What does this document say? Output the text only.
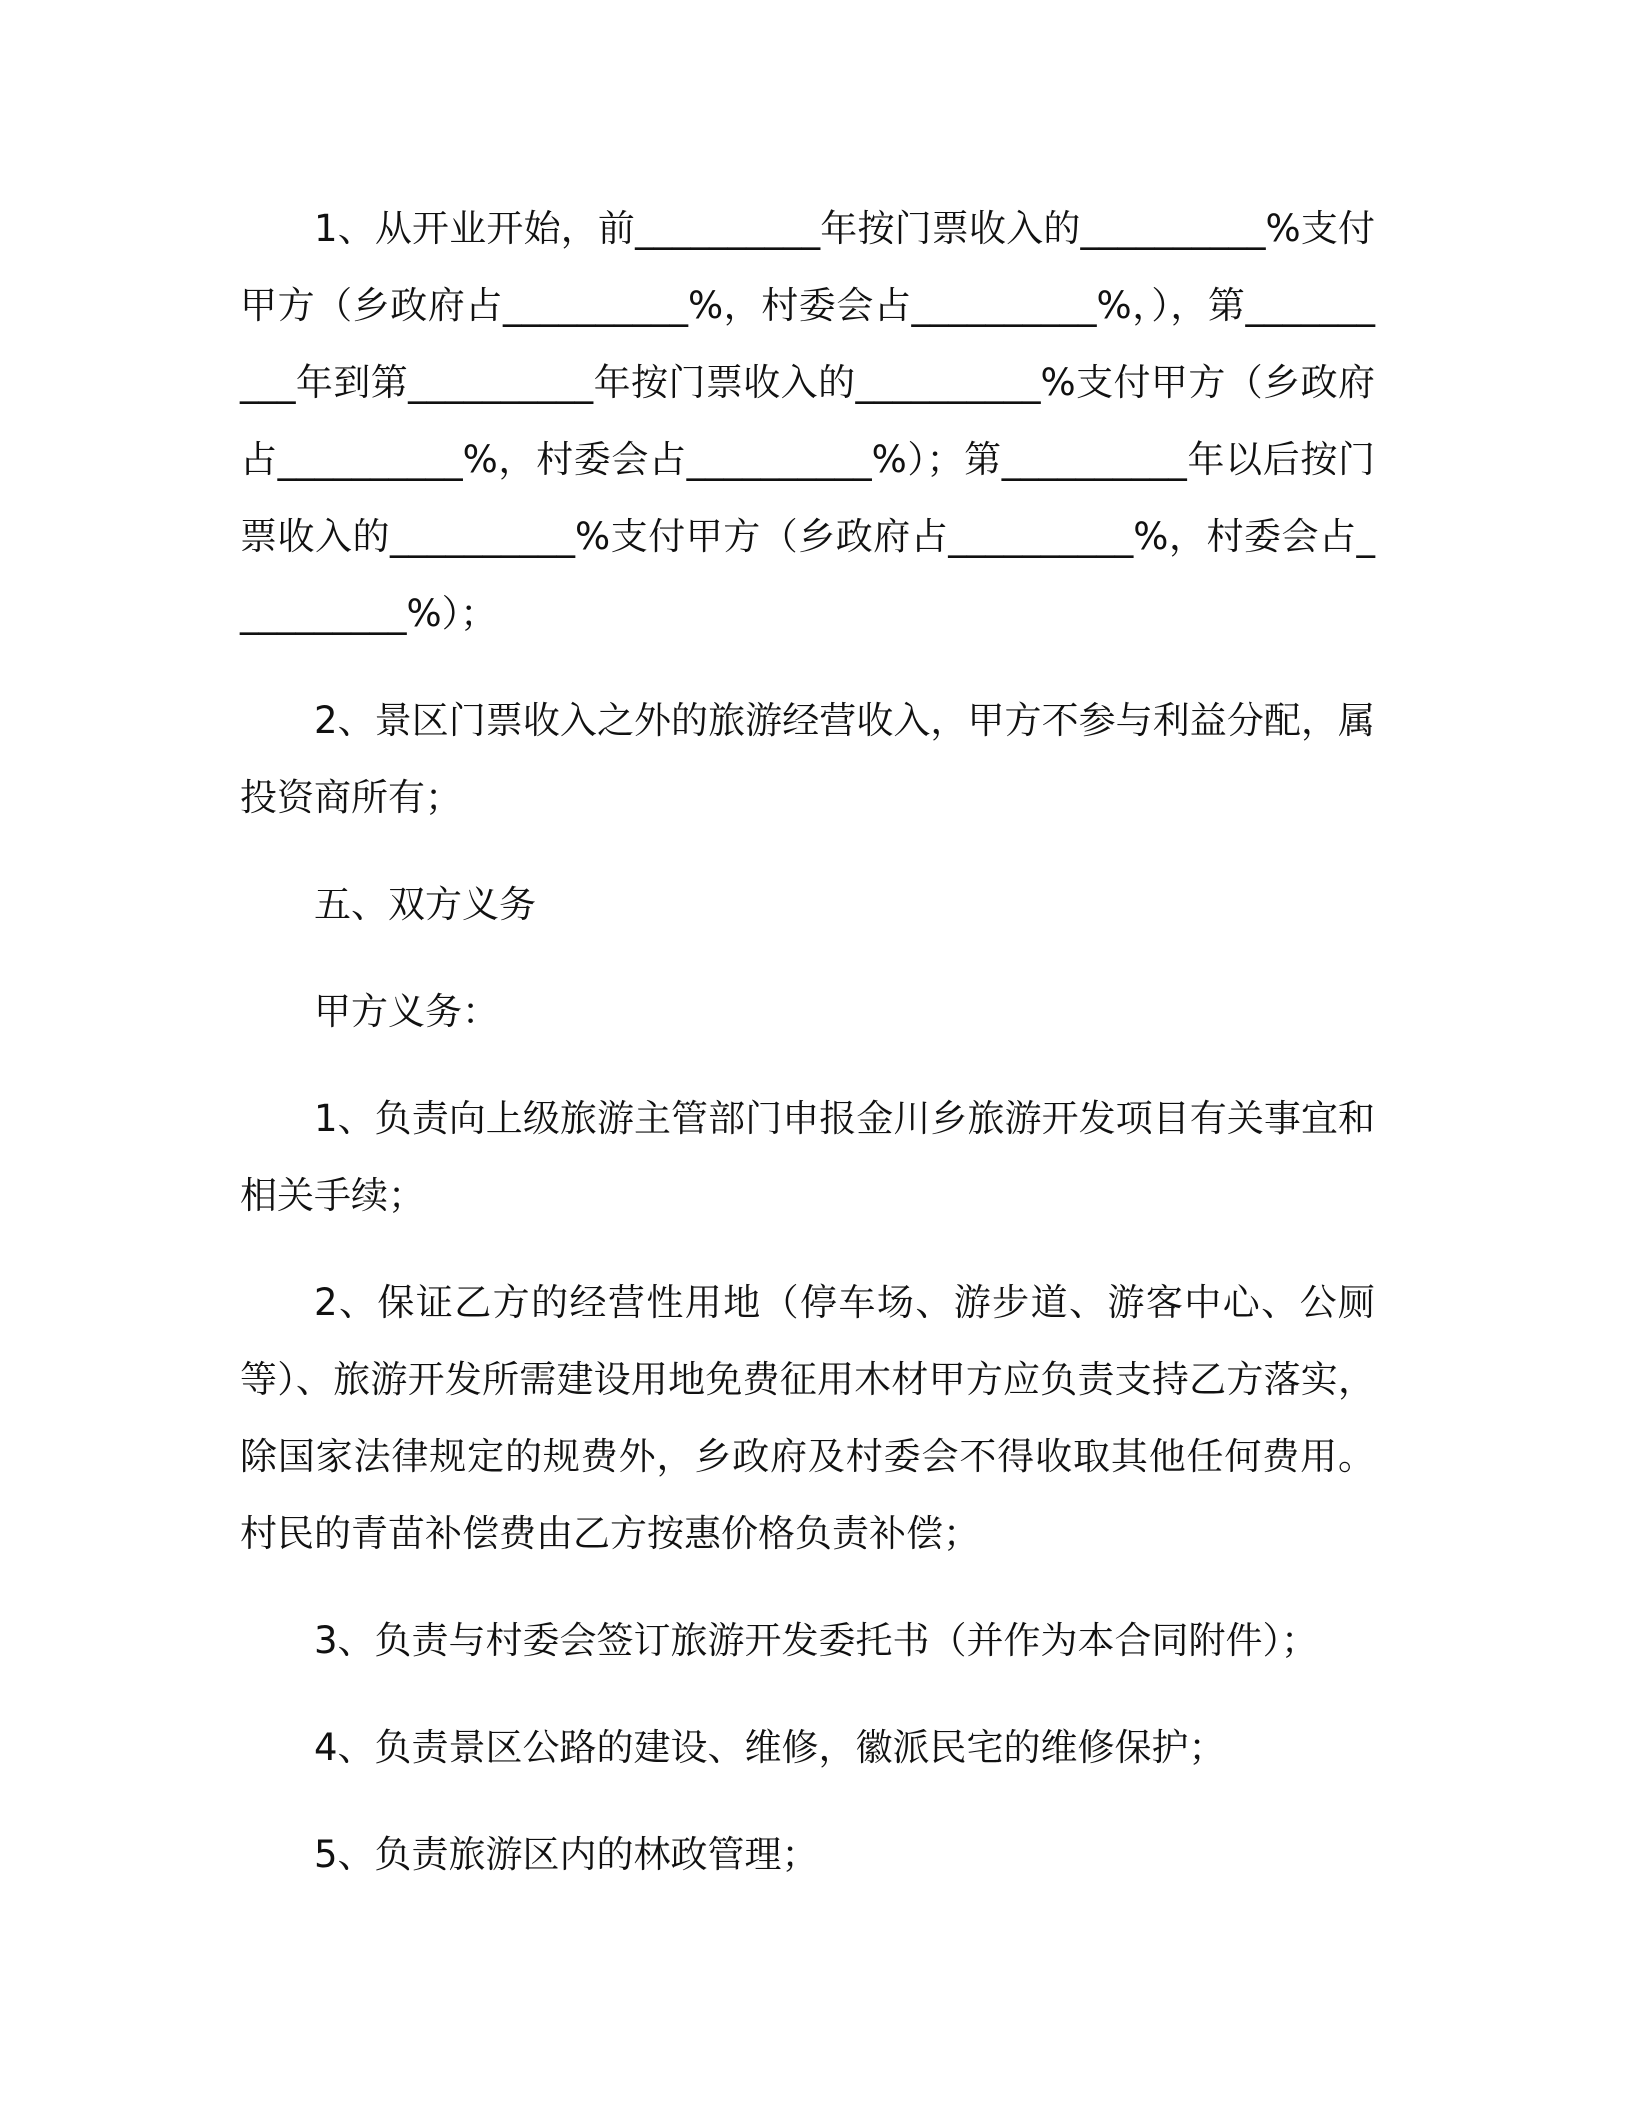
1、从开业开始，前__________年按门票收入的__________%支付甲方（乡政府占__________%，村委会占__________%，），第__________年到第__________年按门票收入的__________%支付甲方（乡政府占__________%，村委会占__________%）；第__________年以后按门票收入的__________%支付甲方（乡政府占__________%，村委会占__________%）；

2、景区门票收入之外的旅游经营收入，甲方不参与利益分配，属投资商所有；

五、双方义务

甲方义务：

1、负责向上级旅游主管部门申报金川乡旅游开发项目有关事宜和相关手续；

2、保证乙方的经营性用地（停车场、游步道、游客中心、公厕等）、旅游开发所需建设用地免费征用木材甲方应负责支持乙方落实，除国家法律规定的规费外，乡政府及村委会不得收取其他任何费用。村民的青苗补偿费由乙方按惠价格负责补偿；

3、负责与村委会签订旅游开发委托书（并作为本合同附件）；

4、负责景区公路的建设、维修，徽派民宅的维修保护；

5、负责旅游区内的林政管理；
